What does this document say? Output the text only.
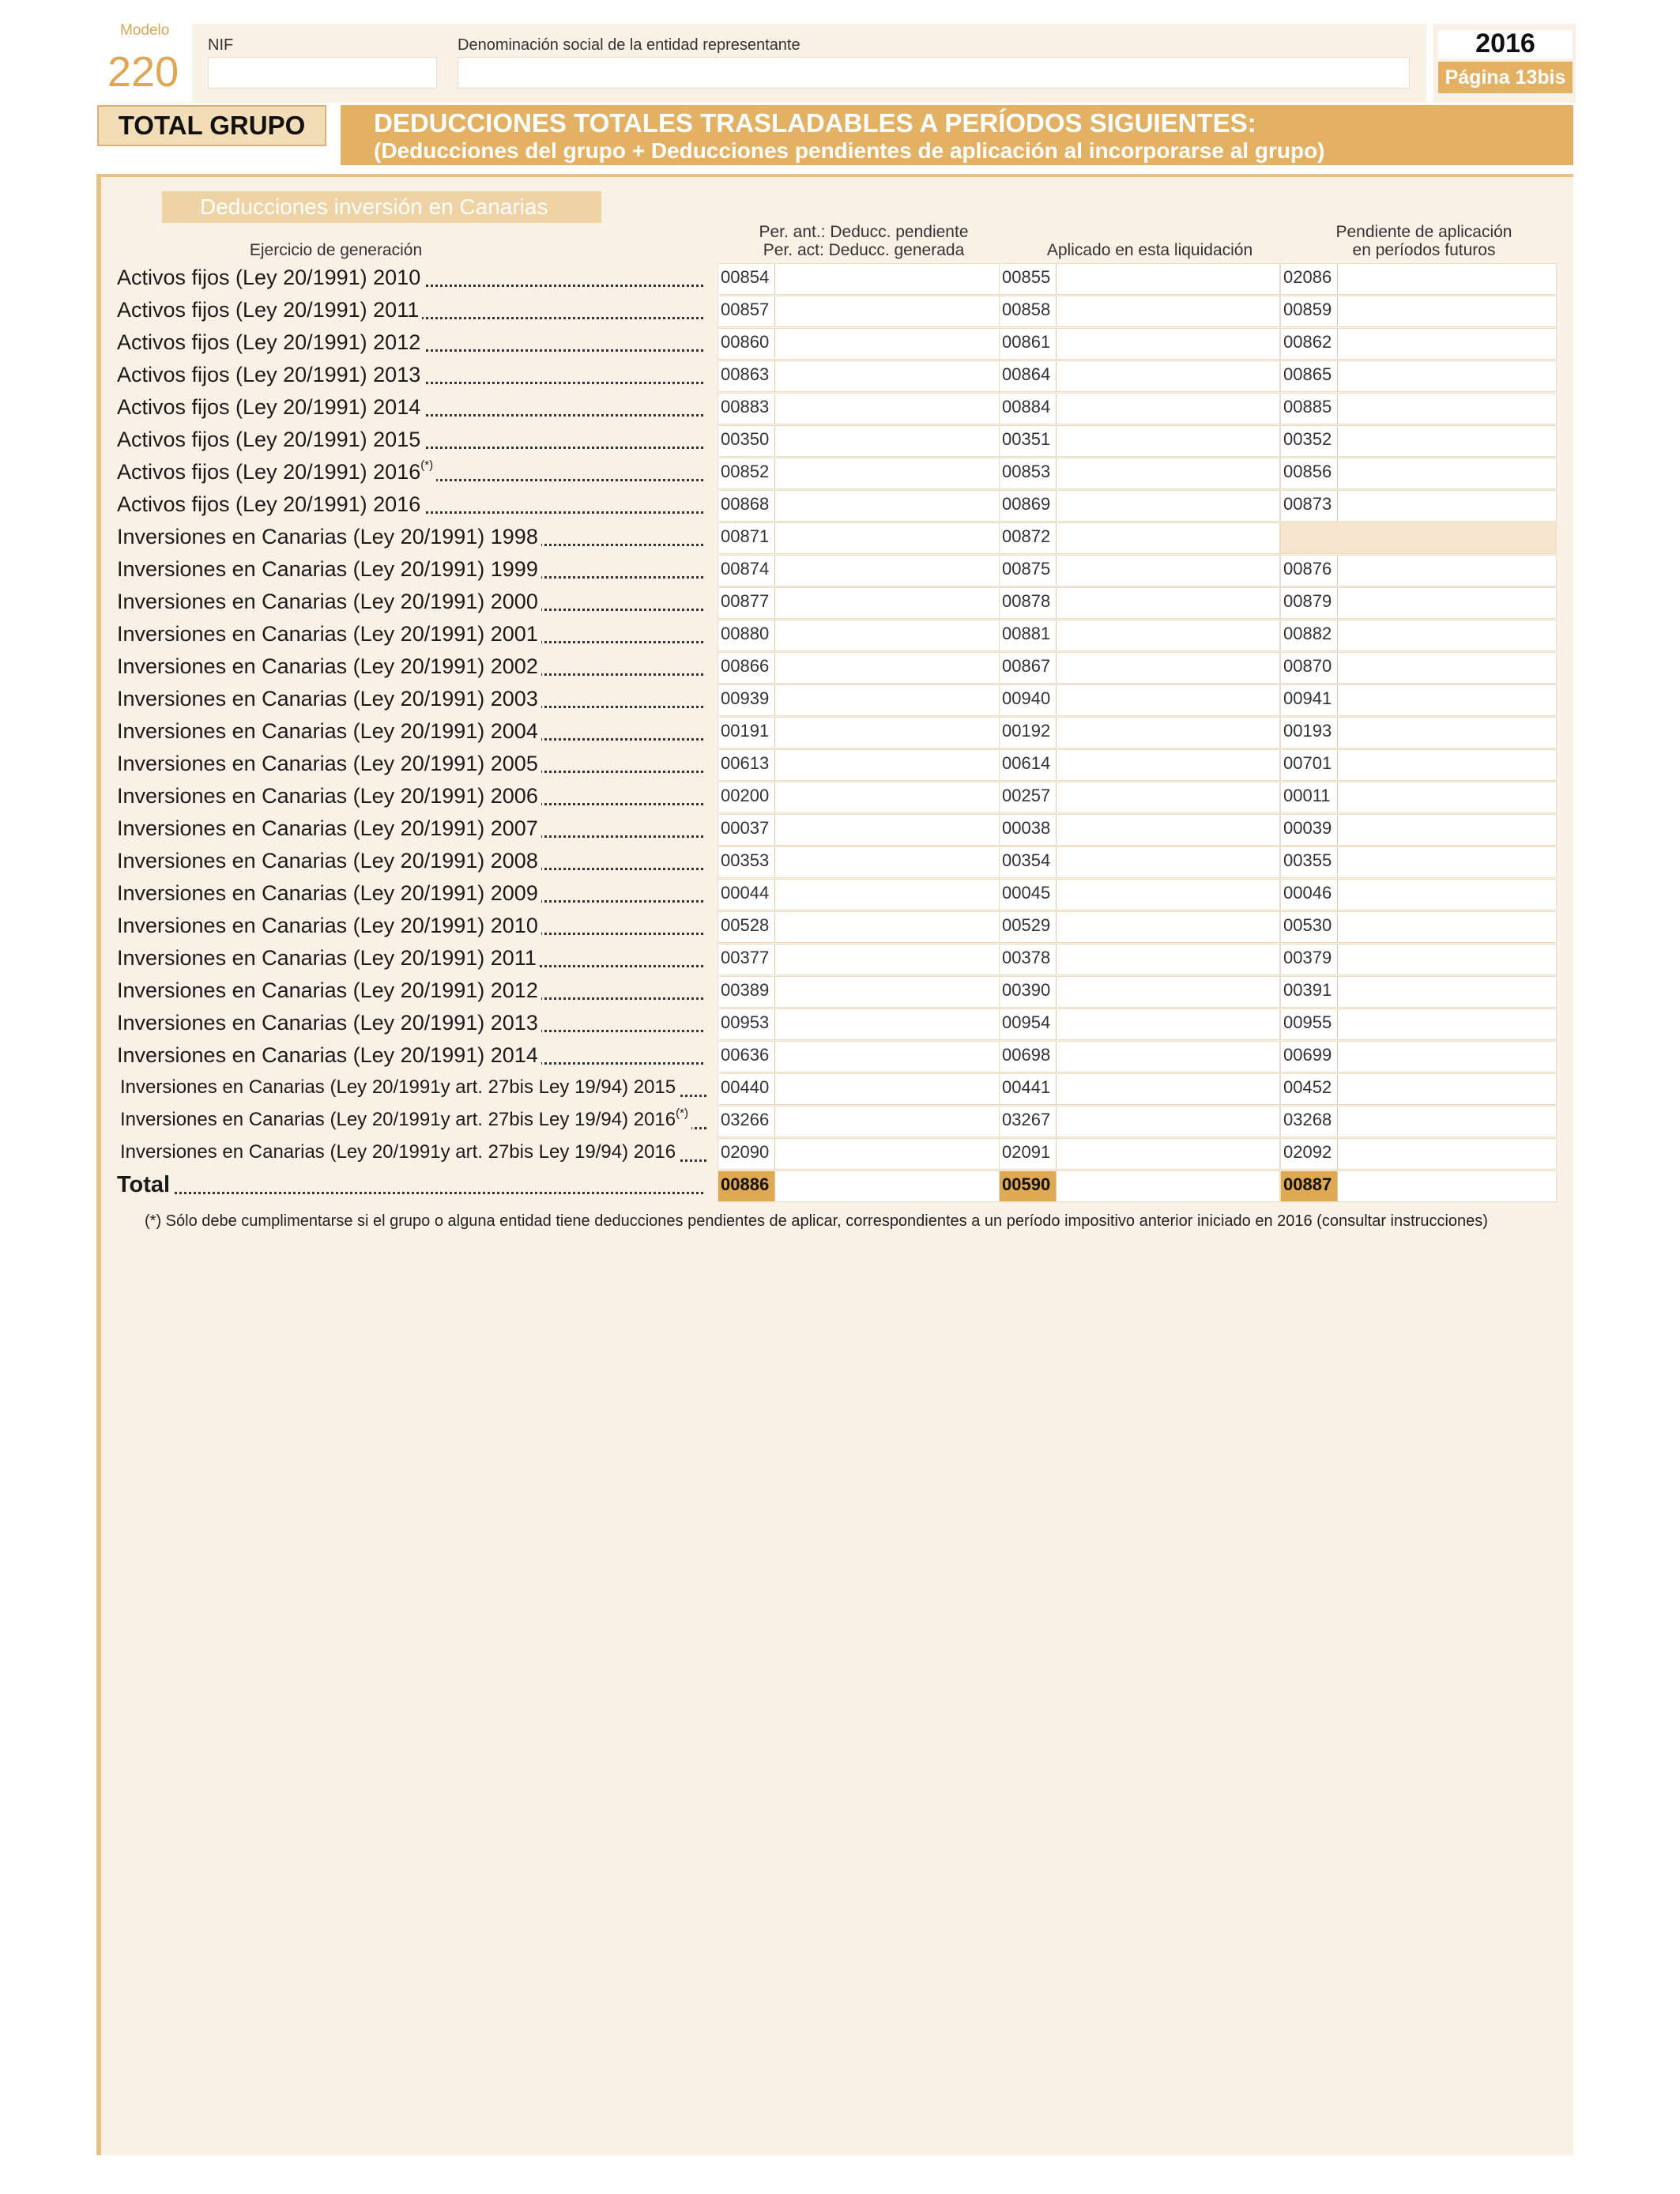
Modelo
220
NIF	Denominación social de la entidad representante	2016
Página 13bis
TOTAL GRUPO	DEDUCCIONES TOTALES TRASLADABLES A PERÍODOS SIGUIENTES:
(Deducciones del grupo + Deducciones pendientes de aplicación al incorporarse al grupo)
Deducciones inversión en Canarias
Ejercicio de generación
Per. ant.: Deducc. pendiente
Per. act: Deducc. generada	Aplicado en esta liquidación
Pendiente de aplicación
en períodos futuros
Activos fijos (Ley 20/1991) 2010	00854	00855	02086
Activos fijos (Ley 20/1991) 2011	00857	00858	00859
Activos fijos (Ley 20/1991) 2012	00860	00861	00862
Activos fijos (Ley 20/1991) 2013	00863	00864	00865
Activos fijos (Ley 20/1991) 2014	00883	00884	00885
Activos fijos (Ley 20/1991) 2015	00350	00351	00352
Activos fijos (Ley 20/1991) 2016(*)	00852	00853	00856
Activos fijos (Ley 20/1991) 2016	00868	00869	00873
Inversiones en Canarias (Ley 20/1991) 1998	00871	00872
Inversiones en Canarias (Ley 20/1991) 1999	00874	00875	00876
Inversiones en Canarias (Ley 20/1991) 2000	00877	00878	00879
Inversiones en Canarias (Ley 20/1991) 2001	00880	00881	00882
Inversiones en Canarias (Ley 20/1991) 2002	00866	00867	00870
Inversiones en Canarias (Ley 20/1991) 2003	00939	00940	00941
Inversiones en Canarias (Ley 20/1991) 2004	00191	00192	00193
Inversiones en Canarias (Ley 20/1991) 2005	00613	00614	00701
Inversiones en Canarias (Ley 20/1991) 2006	00200	00257	00011
Inversiones en Canarias (Ley 20/1991) 2007	00037	00038	00039
Inversiones en Canarias (Ley 20/1991) 2008	00353	00354	00355
Inversiones en Canarias (Ley 20/1991) 2009	00044	00045	00046
Inversiones en Canarias (Ley 20/1991) 2010	00528	00529	00530
Inversiones en Canarias (Ley 20/1991) 2011	00377	00378	00379
Inversiones en Canarias (Ley 20/1991) 2012	00389	00390	00391
Inversiones en Canarias (Ley 20/1991) 2013	00953	00954	00955
Inversiones en Canarias (Ley 20/1991) 2014	00636	00698	00699
Inversiones en Canarias (Ley 20/1991y art. 27bis Ley 19/94) 2015	00440	00441	00452
Inversiones en Canarias (Ley 20/1991y art. 27bis Ley 19/94) 2016(*)	03266	03267	03268
Inversiones en Canarias (Ley 20/1991y art. 27bis Ley 19/94) 2016	02090	02091	02092
Total	00886	00590	00887
(*) Sólo debe cumplimentarse si el grupo o alguna entidad tiene deducciones pendientes de aplicar, correspondientes a un período impositivo anterior iniciado en 2016 (consultar instrucciones)
